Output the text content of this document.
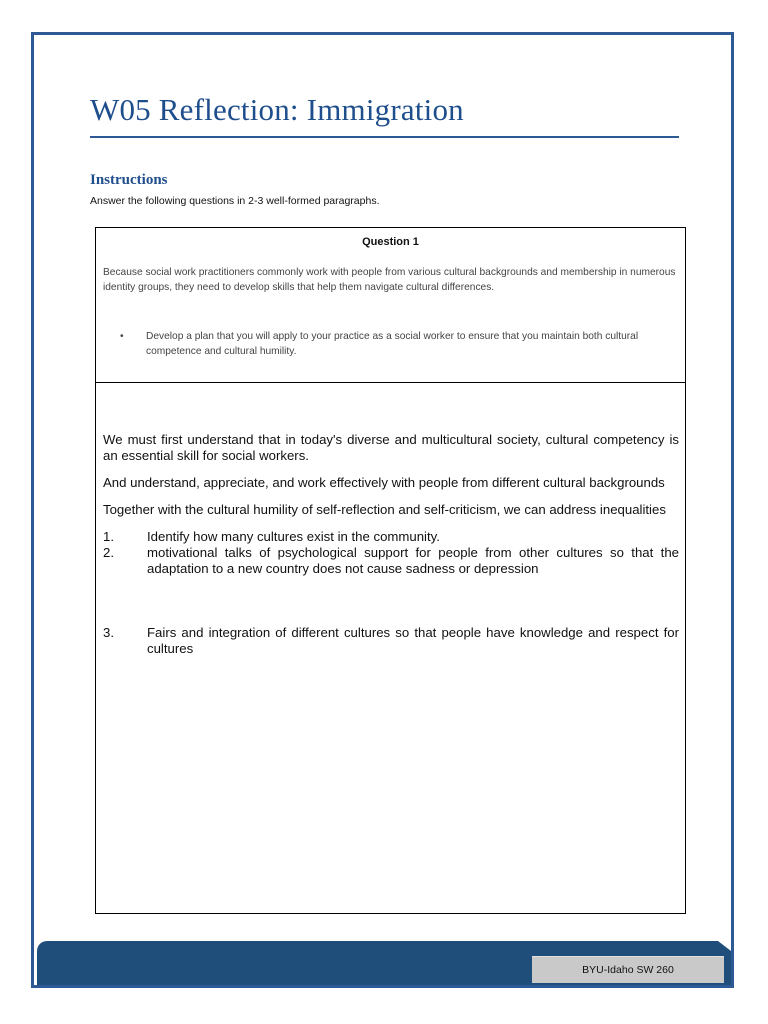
W05 Reflection: Immigration
Instructions

Answer the following questions in 2-3 well-formed paragraphs.

Question 1

Because social work practitioners commonly work with people from various cultural backgrounds and membership in numerous identity groups, they need to develop skills that help them navigate cultural differences.

•	Develop a plan that you will apply to your practice as a social worker to ensure that you maintain both cultural competence and cultural humility.

We must first understand that in today's diverse and multicultural society, cultural competency is an essential skill for social workers.

And understand, appreciate, and work effectively with people from different cultural backgrounds

Together with the cultural humility of self-reflection and self-criticism, we can address inequalities

1.	Identify how many cultures exist in the community.
2.	motivational talks of psychological support for people from other cultures so that the adaptation to a new country does not cause sadness or depression
3.	Fairs and integration of different cultures so that people have knowledge and respect for cultures
BYU-Idaho SW 260
